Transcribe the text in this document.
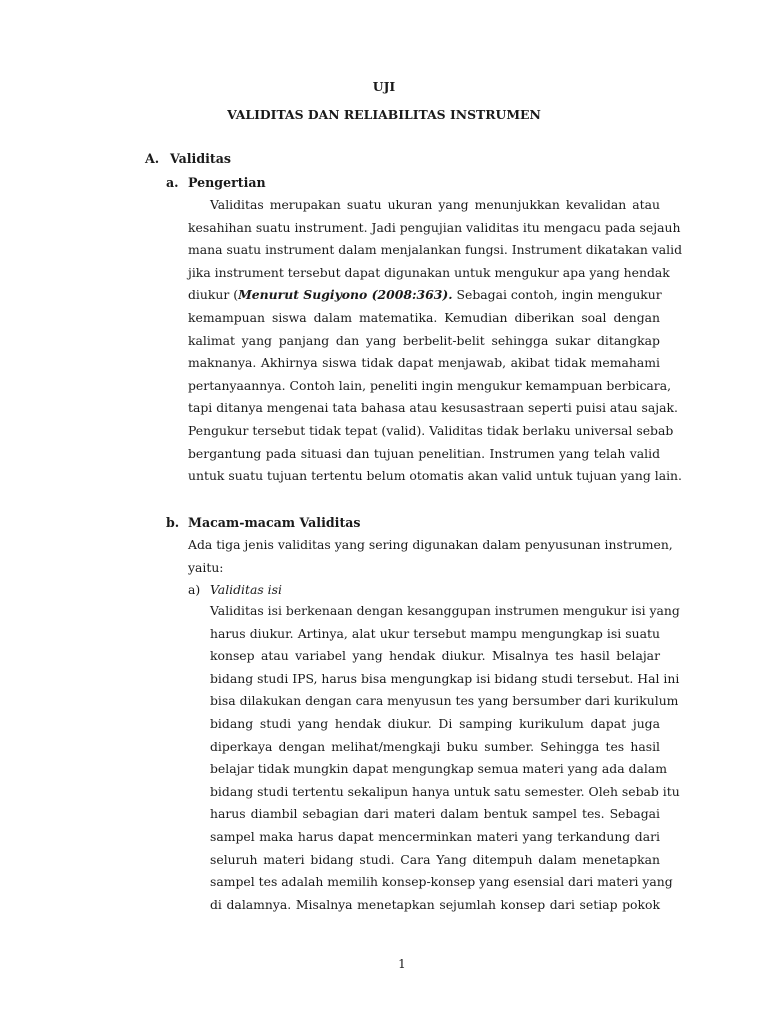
UJI
VALIDITAS DAN RELIABILITAS INSTRUMEN
A. Validitas
a. Pengertian
Validitas merupakan suatu ukuran yang menunjukkan kevalidan atau
kesahihan suatu instrument. Jadi pengujian validitas itu mengacu pada sejauh
mana suatu instrument dalam menjalankan fungsi. Instrument dikatakan valid
jika instrument tersebut dapat digunakan untuk mengukur apa yang hendak
diukur (Menurut Sugiyono (2008:363). Sebagai contoh, ingin mengukur
kemampuan siswa dalam matematika. Kemudian diberikan soal dengan
kalimat yang panjang dan yang berbelit-belit sehingga sukar ditangkap
maknanya. Akhirnya siswa tidak dapat menjawab, akibat tidak memahami
pertanyaannya. Contoh lain, peneliti ingin mengukur kemampuan berbicara,
tapi ditanya mengenai tata bahasa atau kesusastraan seperti puisi atau sajak.
Pengukur tersebut tidak tepat (valid). Validitas tidak berlaku universal sebab
bergantung pada situasi dan tujuan penelitian. Instrumen yang telah valid
untuk suatu tujuan tertentu belum otomatis akan valid untuk tujuan yang lain.
b. Macam-macam Validitas
Ada tiga jenis validitas yang sering digunakan dalam penyusunan instrumen,
yaitu:
a) Validitas isi
Validitas isi berkenaan dengan kesanggupan instrumen mengukur isi yang
harus diukur. Artinya, alat ukur tersebut mampu mengungkap isi suatu
konsep atau variabel yang hendak diukur. Misalnya tes hasil belajar
bidang studi IPS, harus bisa mengungkap isi bidang studi tersebut. Hal ini
bisa dilakukan dengan cara menyusun tes yang bersumber dari kurikulum
bidang studi yang hendak diukur. Di samping kurikulum dapat juga
diperkaya dengan melihat/mengkaji buku sumber. Sehingga tes hasil
belajar tidak mungkin dapat mengungkap semua materi yang ada dalam
bidang studi tertentu sekalipun hanya untuk satu semester. Oleh sebab itu
harus diambil sebagian dari materi dalam bentuk sampel tes. Sebagai
sampel maka harus dapat mencerminkan materi yang terkandung dari
seluruh materi bidang studi. Cara Yang ditempuh dalam menetapkan
sampel tes adalah memilih konsep-konsep yang esensial dari materi yang
di dalamnya. Misalnya menetapkan sejumlah konsep dari setiap pokok
1
